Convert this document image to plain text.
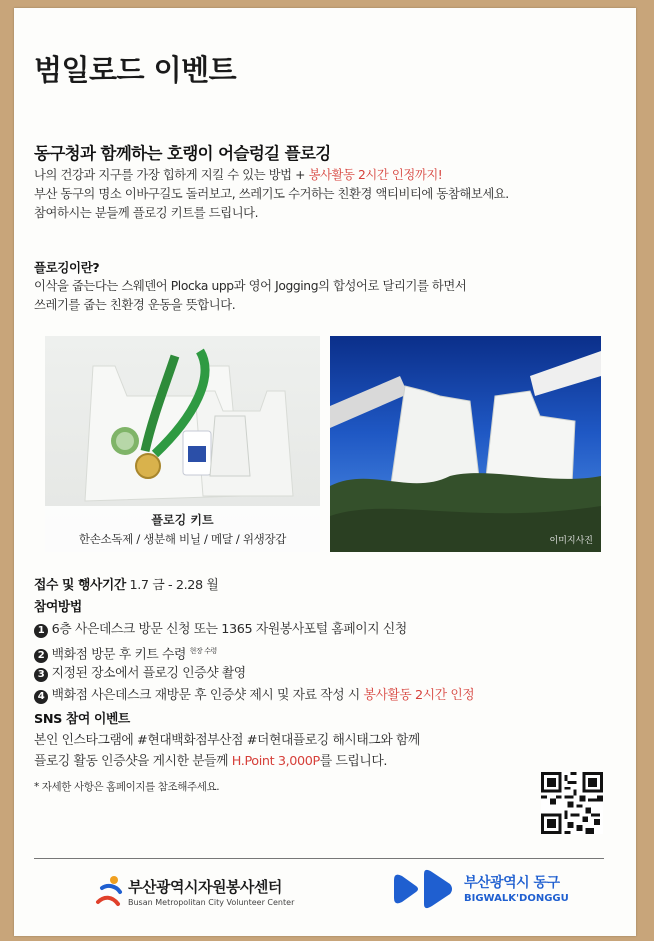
범일로드 이벤트
동구청과 함께하는 호랭이 어슬렁길 플로깅
나의 건강과 지구를 가장 힙하게 지킬 수 있는 방법 + 봉사활동 2시간 인정까지!
부산 동구의 명소 이바구길도 돌러보고, 쓰레기도 수거하는 친환경 액티비티에 동참해보세요.
참여하시는 분들께 플로깅 키트를 드립니다.
플로깅이란?
이삭을 줍는다는 스웨덴어 Plocka upp과 영어 Jogging의 합성어로 달리기를 하면서
쓰레기를 줍는 친환경 운동을 뜻합니다.
플로깅 키트
한손소독제 / 생분해 비닐 / 메달 / 위생장갑	이미지사진
접수 및 행사기간 1.7 금 - 2.28 월
참여방법
1 6층 사은데스크 방문 신청 또는 1365 자원봉사포털 홈페이지 신청
2 백화점 방문 후 키트 수령 $^{현장 수령}$
3 지정된 장소에서 플로깅 인증샷 촬영
4 백화점 사은데스크 재방문 후 인증샷 제시 및 자료 작성 시 봉사활동 2시간 인정
SNS 참여 이벤트
본인 인스타그램에 #현대백화점부산점 #더현대플로깅 해시태그와 함께
플로깅 활동 인증샷을 게시한 분들께 H.Point 3,000P를 드립니다.
* 자세한 사항은 홈페이지를 참조해주세요.
부산광역시자원봉사센터
Busan Metropolitan City Volunteer Center
부산광역시 동구
BIGWALK'DONGGU
